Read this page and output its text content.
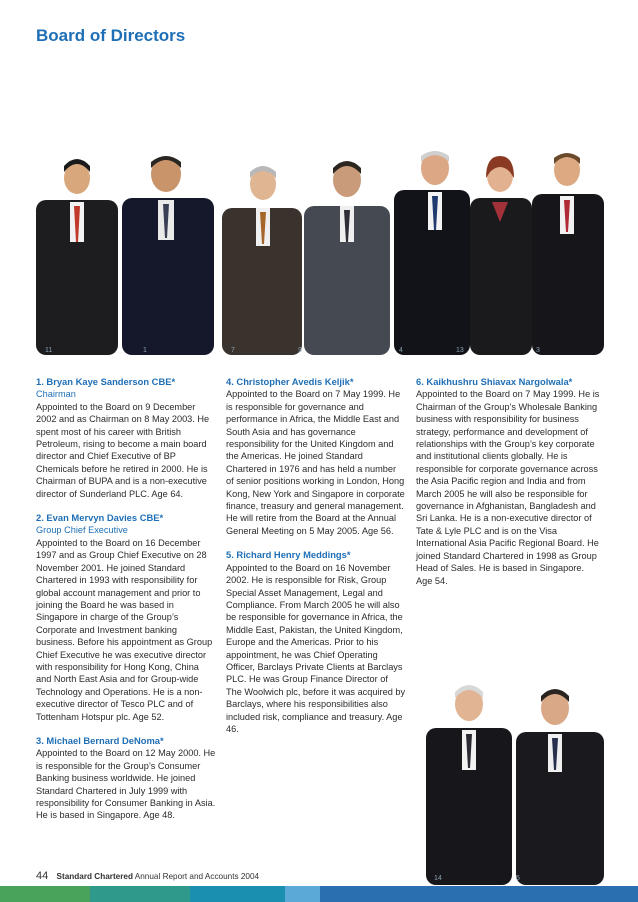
Board of Directors
11	1	7	9	4	13	3
1. Bryan Kaye Sanderson CBE*
Chairman

Appointed to the Board on 9 December 2002 and as Chairman on 8 May 2003. He spent most of his career with British Petroleum, rising to become a main board director and Chief Executive of BP Chemicals before he retired in 2000. He is Chairman of BUPA and is a non-executive director of Sunderland PLC. Age 64.

2. Evan Mervyn Davies CBE*
Group Chief Executive

Appointed to the Board on 16 December 1997 and as Group Chief Executive on 28 November 2001. He joined Standard Chartered in 1993 with responsibility for global account management and prior to joining the Board he was based in Singapore in charge of the Group’s Corporate and Investment banking business. Before his appointment as Group Chief Executive he was executive director with responsibility for Hong Kong, China and North East Asia and for Group-wide Technology and Operations. He is a non-executive director of Tesco PLC and of Tottenham Hotspur plc. Age 52.

3. Michael Bernard DeNoma*

Appointed to the Board on 12 May 2000. He is responsible for the Group’s Consumer Banking business worldwide. He joined Standard Chartered in July 1999 with responsibility for Consumer Banking in Asia. He is based in Singapore. Age 48.

4. Christopher Avedis Keljik*

Appointed to the Board on 7 May 1999. He is responsible for governance and performance in Africa, the Middle East and South Asia and has governance responsibility for the United Kingdom and the Americas. He joined Standard Chartered in 1976 and has held a number of senior positions working in London, Hong Kong, New York and Singapore in corporate finance, treasury and general management. He will retire from the Board at the Annual General Meeting on 5 May 2005. Age 56.

5. Richard Henry Meddings*

Appointed to the Board on 16 November 2002. He is responsible for Risk, Group Special Asset Management, Legal and Compliance. From March 2005 he will also be responsible for governance in Africa, the Middle East, Pakistan, the United Kingdom, Europe and the Americas. Prior to his appointment, he was Chief Operating Officer, Barclays Private Clients at Barclays PLC. He was Group Finance Director of The Woolwich plc, before it was acquired by Barclays, where his responsibilities also included risk, compliance and treasury. Age 46.

6. Kaikhushru Shiavax Nargolwala*

Appointed to the Board on 7 May 1999. He is Chairman of the Group’s Wholesale Banking business with responsibility for business strategy, performance and development of relationships with the Group’s key corporate and institutional clients globally. He is responsible for corporate governance across the Asia Pacific region and India and from March 2005 he will also be responsible for governance in Afghanistan, Bangladesh and Sri Lanka. He is a non-executive director of Tate & Lyle PLC and is on the Visa International Asia Pacific Regional Board. He joined Standard Chartered in 1998 as Group Head of Sales. He is based in Singapore. Age 54.

14	5
44 Standard Chartered Annual Report and Accounts 2004
